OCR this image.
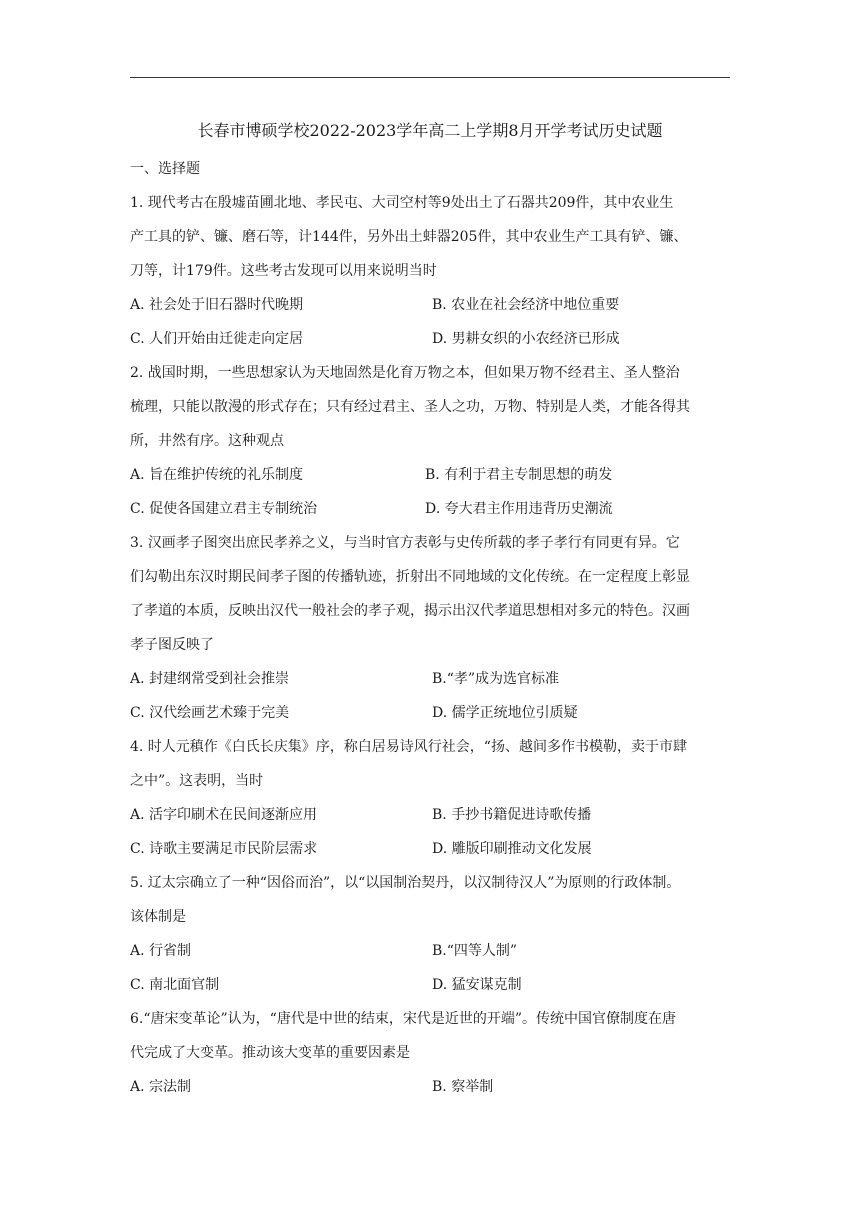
长春市博硕学校2022-2023学年高二上学期8月开学考试历史试题
一、选择题
1. 现代考古在殷墟苗圃北地、孝民屯、大司空村等9处出土了石器共209件，其中农业生
产工具的铲、镰、磨石等，计144件，另外出土蚌器205件，其中农业生产工具有铲、镰、
刀等，计179件。这些考古发现可以用来说明当时
A. 社会处于旧石器时代晚期	B. 农业在社会经济中地位重要
C. 人们开始由迁徙走向定居	D. 男耕女织的小农经济已形成
2. 战国时期，一些思想家认为天地固然是化育万物之本，但如果万物不经君主、圣人整治
梳理，只能以散漫的形式存在；只有经过君主、圣人之功，万物、特别是人类，才能各得其
所，井然有序。这种观点
A. 旨在维护传统的礼乐制度	B. 有利于君主专制思想的萌发
C. 促使各国建立君主专制统治	D. 夸大君主作用违背历史潮流
3. 汉画孝子图突出庶民孝养之义，与当时官方表彰与史传所载的孝子孝行有同更有异。它
们勾勒出东汉时期民间孝子图的传播轨迹，折射出不同地域的文化传统。在一定程度上彰显
了孝道的本质，反映出汉代一般社会的孝子观，揭示出汉代孝道思想相对多元的特色。汉画
孝子图反映了
A. 封建纲常受到社会推崇	B.“孝”成为选官标准
C. 汉代绘画艺术臻于完美	D. 儒学正统地位引质疑
4. 时人元稹作《白氏长庆集》序，称白居易诗风行社会，“扬、越间多作书模勒，卖于市肆
之中”。这表明，当时
A. 活字印刷术在民间逐渐应用	B. 手抄书籍促进诗歌传播
C. 诗歌主要满足市民阶层需求	D. 雕版印刷推动文化发展
5. 辽太宗确立了一种“因俗而治”，以“以国制治契丹，以汉制待汉人”为原则的行政体制。
该体制是
A. 行省制	B.“四等人制”
C. 南北面官制	D. 猛安谋克制
6.“唐宋变革论”认为，“唐代是中世的结束，宋代是近世的开端”。传统中国官僚制度在唐
代完成了大变革。推动该大变革的重要因素是
A. 宗法制	B. 察举制
